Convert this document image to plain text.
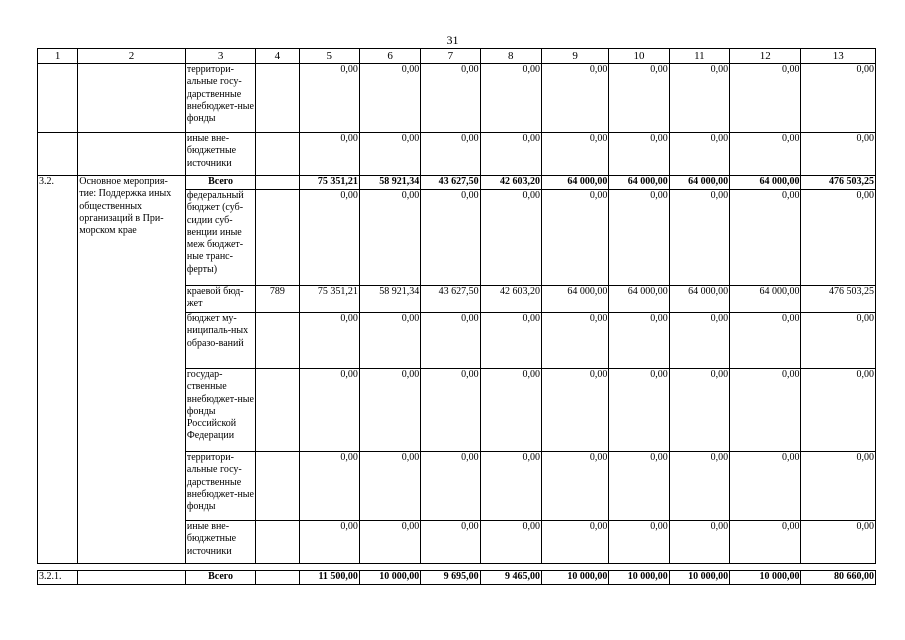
31
1	2	3	4	5	6	7	8	9	10	11	12	13
		территори-альные госу-дарственные внебюджет-ные фонды		0,00	0,00	0,00	0,00	0,00	0,00	0,00	0,00	0,00
		иные вне-бюджетные источники		0,00	0,00	0,00	0,00	0,00	0,00	0,00	0,00	0,00
3.2.	Основное мероприя-тие: Поддержка иных общественных организаций в При-морском крае	Всего		75 351,21	58 921,34	43 627,50	42 603,20	64 000,00	64 000,00	64 000,00	64 000,00	476 503,25
		федеральный бюджет (суб-сидии суб-венции иные меж бюджет-ные транс-ферты)		0,00	0,00	0,00	0,00	0,00	0,00	0,00	0,00	0,00
		краевой бюд-жет	789	75 351,21	58 921,34	43 627,50	42 603,20	64 000,00	64 000,00	64 000,00	64 000,00	476 503,25
		бюджет му-ниципаль-ных образо-ваний		0,00	0,00	0,00	0,00	0,00	0,00	0,00	0,00	0,00
		государ-ственные внебюджет-ные фонды Российской Федерации		0,00	0,00	0,00	0,00	0,00	0,00	0,00	0,00	0,00
		территори-альные госу-дарственные внебюджет-ные фонды		0,00	0,00	0,00	0,00	0,00	0,00	0,00	0,00	0,00
		иные вне-бюджетные источники		0,00	0,00	0,00	0,00	0,00	0,00	0,00	0,00	0,00
3.2.1.		Всего		11 500,00	10 000,00	9 695,00	9 465,00	10 000,00	10 000,00	10 000,00	10 000,00	80 660,00
